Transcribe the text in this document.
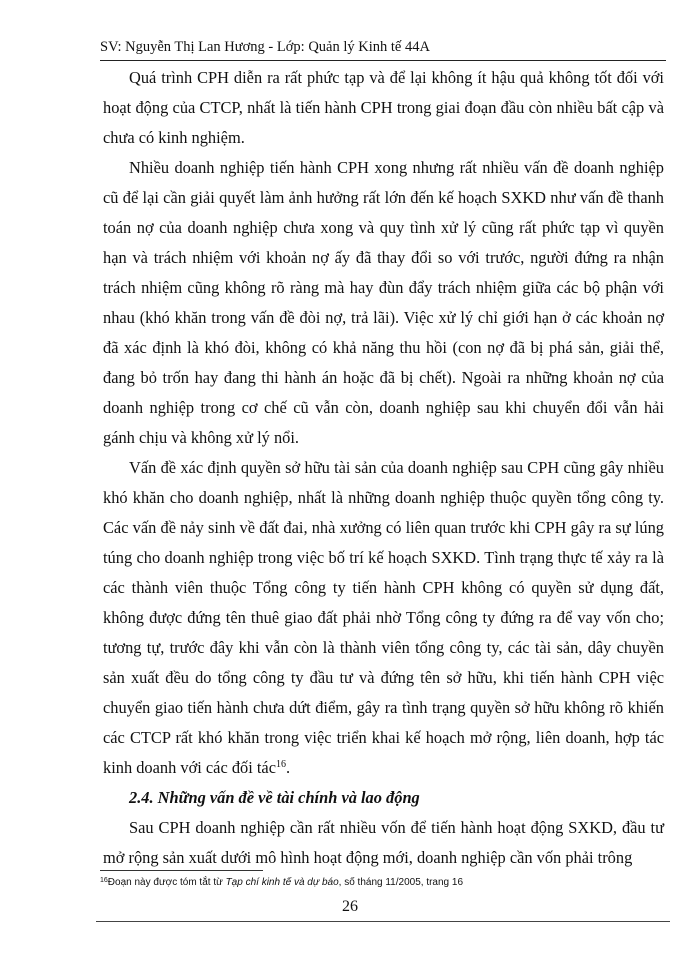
SV: Nguyễn Thị Lan Hương - Lớp: Quản lý Kinh tế 44A

Quá trình CPH diễn ra rất phức tạp và để lại không ít hậu quả không tốt đối với hoạt động của CTCP, nhất là tiến hành CPH trong giai đoạn đầu còn nhiều bất cập và chưa có kinh nghiệm.

Nhiều doanh nghiệp tiến hành CPH xong nhưng rất nhiều vấn đề doanh nghiệp cũ để lại cần giải quyết làm ảnh hưởng rất lớn đến kế hoạch SXKD như vấn đề thanh toán nợ của doanh nghiệp chưa xong và quy tình xử lý cũng rất phức tạp vì quyền hạn và trách nhiệm với khoản nợ ấy đã thay đổi so với trước, người đứng ra nhận trách nhiệm cũng không rõ ràng mà hay đùn đẩy trách nhiệm giữa các bộ phận với nhau (khó khăn trong vấn đề đòi nợ, trả lãi). Việc xử lý chỉ giới hạn ở các khoản nợ đã xác định là khó đòi, không có khả năng thu hồi (con nợ đã bị phá sản, giải thể, đang bỏ trốn hay đang thi hành án hoặc đã bị chết). Ngoài ra những khoản nợ của doanh nghiệp trong cơ chế cũ vẫn còn, doanh nghiệp sau khi chuyển đổi vẫn hải gánh chịu và không xử lý nổi.

Vấn đề xác định quyền sở hữu tài sản của doanh nghiệp sau CPH cũng gây nhiều khó khăn cho doanh nghiệp, nhất là những doanh nghiệp thuộc quyền tổng công ty. Các vấn đề nảy sinh về đất đai, nhà xưởng có liên quan trước khi CPH gây ra sự lúng túng cho doanh nghiệp trong việc bố trí kế hoạch SXKD. Tình trạng thực tế xảy ra là các thành viên thuộc Tổng công ty tiến hành CPH không có quyền sử dụng đất, không được đứng tên thuê giao đất phải nhờ Tổng công ty đứng ra để vay vốn cho; tương tự, trước đây khi vẫn còn là thành viên tổng công ty, các tài sản, dây chuyền sản xuất đều do tổng công ty đầu tư và đứng tên sở hữu, khi tiến hành CPH việc chuyển giao tiến hành chưa dứt điểm, gây ra tình trạng quyền sở hữu không rõ khiến các CTCP rất khó khăn trong việc triển khai kế hoạch mở rộng, liên doanh, hợp tác kinh doanh với các đối tác$^{16}$.

2.4. Những vấn đề về tài chính và lao động

Sau CPH doanh nghiệp cần rất nhiều vốn để tiến hành hoạt động SXKD, đầu tư mở rộng sản xuất dưới mô hình hoạt động mới, doanh nghiệp cần vốn phải trông

$^{16}$Đoạn này được tóm tắt từ Tạp chí kinh tế và dự báo, số tháng 11/2005, trang 16
26
